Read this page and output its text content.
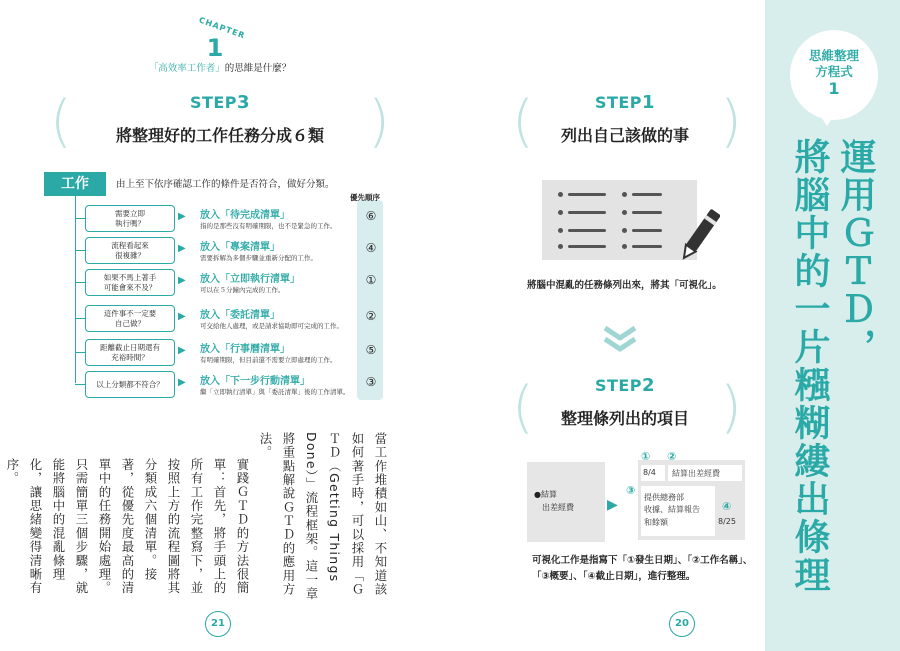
CHAPTER
1
「高效率工作者」的思維是什麼？
(	)
STEP3
將整理好的工作任務分成６類
工作	由上至下依序確認工作的條件是否符合，做好分類。
優先順序
需要立即
執行嗎？
▶ 放入「待完成清單」
指的是那些沒有明確期限，也不是緊急的工作。
⑥
流程看起來
很複雜？
▶ 放入「專案清單」
需要拆解為多個步驟並重新分配的工作。
④
如果不馬上著手
可能會來不及？
▶ 放入「立即執行清單」
可以在５分鐘內完成的工作。
①
這件事不一定要
自己做？
▶ 放入「委託清單」
可交給他人處理，或是請求協助即可完成的工作。
②
距離截止日期還有
充裕時間？
▶ 放入「行事曆清單」
有明確期限，但目前還不需要立即處理的工作。
⑤
以上分類都不符合？	▶ 放入「下一步行動清單」
繼「立即執行清單」與「委託清單」後的工作清單。
③

當工作堆積如山、不知道該如何著手時，可以採用「ＧＴＤ（Getting Things Done）」流程框架。這一章將重點解說ＧＴＤ的應用方法。

實踐ＧＴＤ的方法很簡單：首先，將手頭上的所有工作完整寫下，並按照上方的流程圖將其分類成六個清單。接著，從優先度最高的清單中的任務開始處理。

只需簡單三個步驟，就能將腦中的混亂條理化，讓思緒變得清晰有序。

21
(	)
STEP1
列出自己該做的事
將腦中混亂的任務條列出來，將其「可視化」。
(	)
STEP2
整理條列出的項目
●結算
　出差經費 ▶
① ②
③
④
8/4	結算出差經費
提供總務部
收據、結算報告
和餘額	8/25
可視化工作是指寫下「①發生日期」、「②工作名稱」、「③概要」、「④截止日期」，進行整理。
20
思維整理
方程式
1
運用ＧＴＤ，
將腦中的一片糨糊縷出條理
